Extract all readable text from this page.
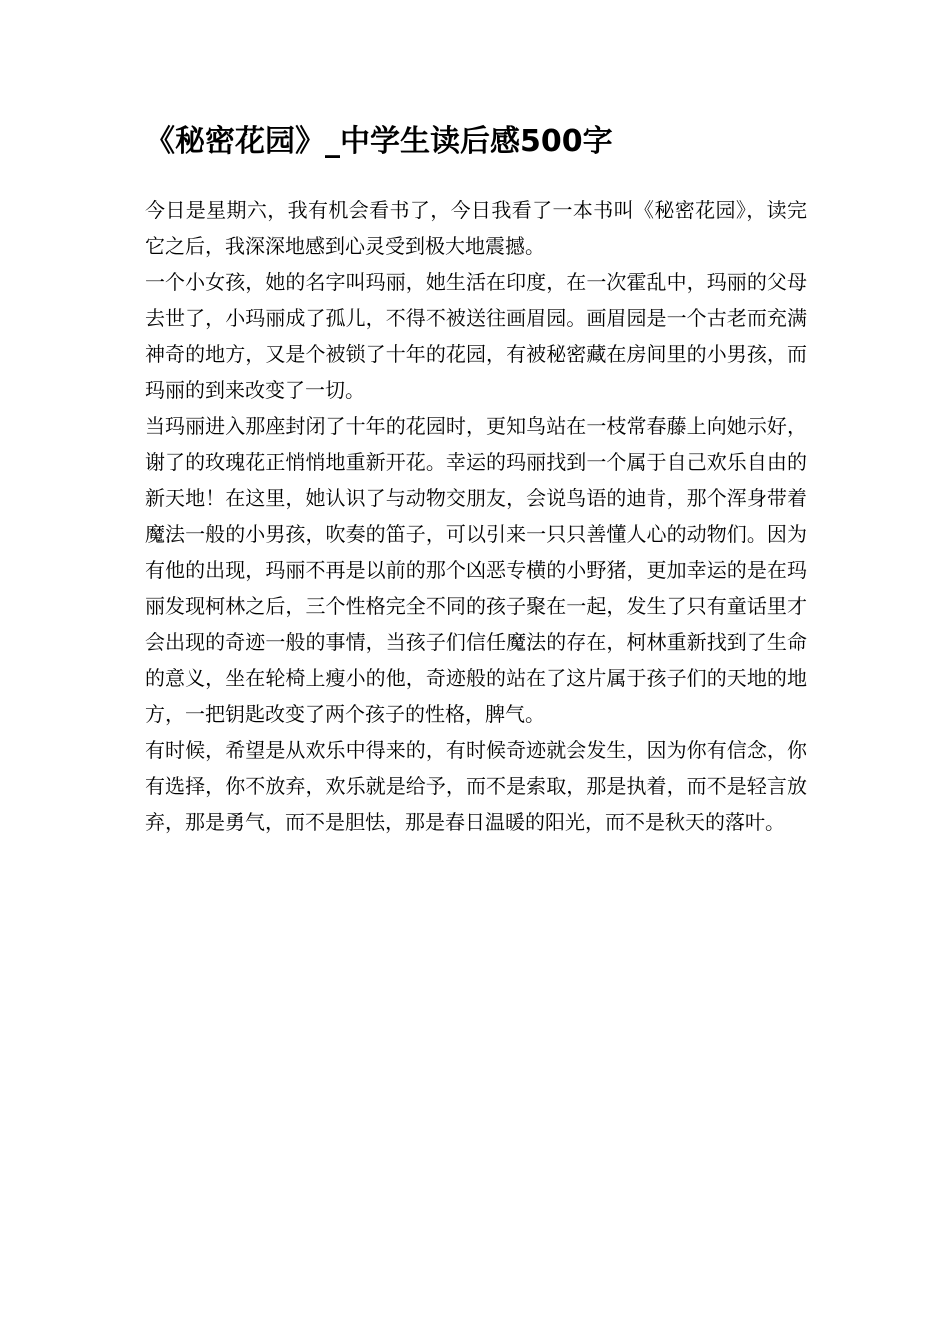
《秘密花园》_中学生读后感500字

今日是星期六，我有机会看书了，今日我看了一本书叫《秘密花园》，读完它之后，我深深地感到心灵受到极大地震撼。

一个小女孩，她的名字叫玛丽，她生活在印度，在一次霍乱中，玛丽的父母去世了，小玛丽成了孤儿，不得不被送往画眉园。画眉园是一个古老而充满神奇的地方，又是个被锁了十年的花园，有被秘密藏在房间里的小男孩，而玛丽的到来改变了一切。

当玛丽进入那座封闭了十年的花园时，更知鸟站在一枝常春藤上向她示好，谢了的玫瑰花正悄悄地重新开花。幸运的玛丽找到一个属于自己欢乐自由的新天地！在这里，她认识了与动物交朋友，会说鸟语的迪肯，那个浑身带着魔法一般的小男孩，吹奏的笛子，可以引来一只只善懂人心的动物们。因为有他的出现，玛丽不再是以前的那个凶恶专横的小野猪，更加幸运的是在玛丽发现柯林之后，三个性格完全不同的孩子聚在一起，发生了只有童话里才会出现的奇迹一般的事情，当孩子们信任魔法的存在，柯林重新找到了生命的意义，坐在轮椅上瘦小的他，奇迹般的站在了这片属于孩子们的天地的地方，一把钥匙改变了两个孩子的性格，脾气。

有时候，希望是从欢乐中得来的，有时候奇迹就会发生，因为你有信念，你有选择，你不放弃，欢乐就是给予，而不是索取，那是执着，而不是轻言放弃，那是勇气，而不是胆怯，那是春日温暖的阳光，而不是秋天的落叶。
